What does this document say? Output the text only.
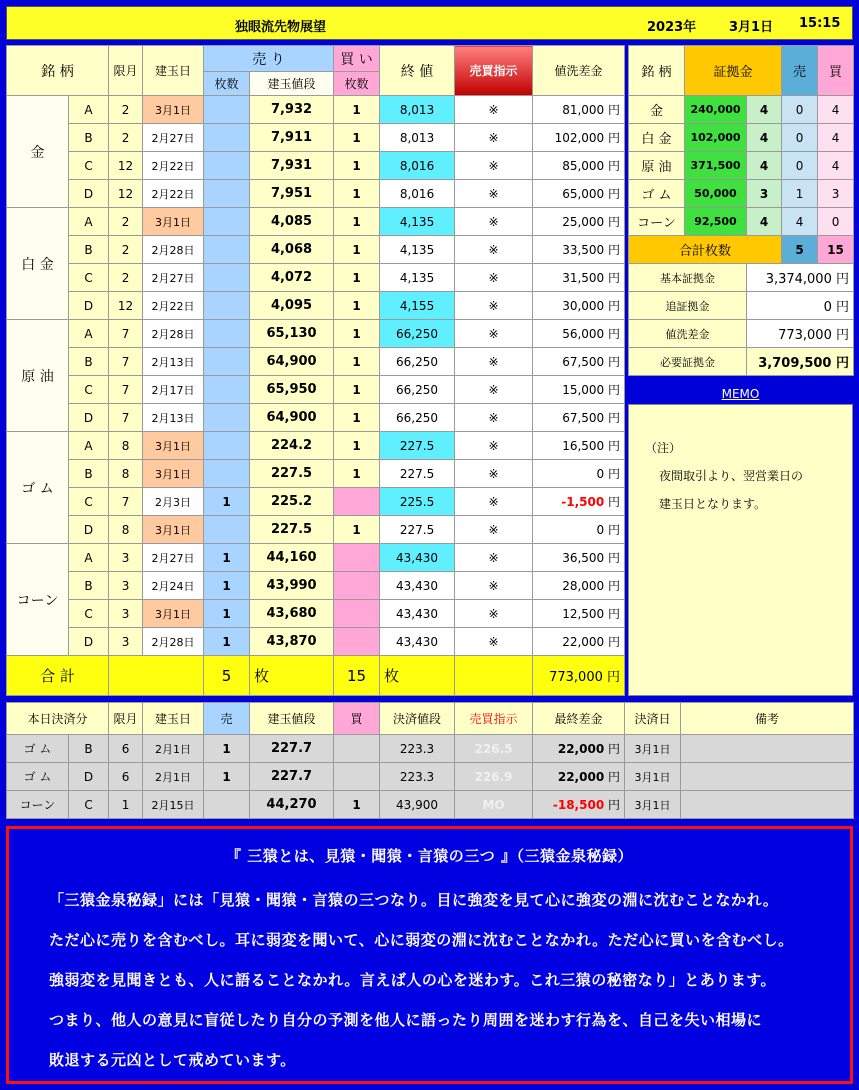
独眼流先物展望	2023年	3月1日 15:15
銘 柄		限月	建玉日	売 り		買 い	終 値	売買指示	値洗差金
				枚数	建玉値段	枚数			
金	A	2	3月1日		7,932	1	8,013	※	81,000 円
	B	2	2月27日		7,911	1	8,013	※	102,000 円
	C	12	2月22日		7,931	1	8,016	※	85,000 円
	D	12	2月22日		7,951	1	8,016	※	65,000 円
白 金	A	2	3月1日		4,085	1	4,135	※	25,000 円
	B	2	2月28日		4,068	1	4,135	※	33,500 円
	C	2	2月27日		4,072	1	4,135	※	31,500 円
	D	12	2月22日		4,095	1	4,155	※	30,000 円
原 油	A	7	2月28日		65,130	1	66,250	※	56,000 円
	B	7	2月13日		64,900	1	66,250	※	67,500 円
	C	7	2月17日		65,950	1	66,250	※	15,000 円
	D	7	2月13日		64,900	1	66,250	※	67,500 円
ゴ ム	A	8	3月1日		224.2	1	227.5	※	16,500 円
	B	8	3月1日		227.5	1	227.5	※	0 円
	C	7	2月3日	1	225.2		225.5	※	-1,500 円
	D	8	3月1日		227.5	1	227.5	※	0 円
コーン	A	3	2月27日	1	44,160		43,430	※	36,500 円
	B	3	2月24日	1	43,990		43,430	※	28,000 円
	C	3	3月1日	1	43,680		43,430	※	12,500 円
	D	3	2月28日	1	43,870		43,430	※	22,000 円
合 計				5	枚	15	枚		773,000 円
銘 柄	証拠金		売	買
金	240,000	4	0	4
白 金	102,000	4	0	4
原 油	371,500	4	0	4
ゴ ム	50,000	3	1	3
コーン	92,500	4	4	0
合計枚数			5	15
基本証拠金		3,374,000 円		
追証拠金		0 円		
値洗差金		773,000 円		
必要証拠金		3,709,500 円		
MEMO
（注）
夜間取引より、翌営業日の
建玉日となります。
本日決済分		限月	建玉日	売	建玉値段	買	決済値段	売買指示	最終差金	決済日	備考
ゴ ム	B	6	2月1日	1	227.7		223.3	226.5	22,000 円	3月1日	
ゴ ム	D	6	2月1日	1	227.7		223.3	226.9	22,000 円	3月1日	
コーン	C	1	2月15日		44,270	1	43,900	MO	-18,500 円	3月1日	

『 三猿とは、見猿・聞猿・言猿の三つ 』（三猿金泉秘録）

「三猿金泉秘録」には「見猿・聞猿・言猿の三つなり。目に強変を見て心に強変の淵に沈むことなかれ。

ただ心に売りを含むべし。耳に弱変を聞いて、心に弱変の淵に沈むことなかれ。ただ心に買いを含むべし。

強弱変を見聞きとも、人に語ることなかれ。言えば人の心を迷わす。これ三猿の秘密なり」とあります。

つまり、他人の意見に盲従したり自分の予測を他人に語ったり周囲を迷わす行為を、自己を失い相場に

敗退する元凶として戒めています。
